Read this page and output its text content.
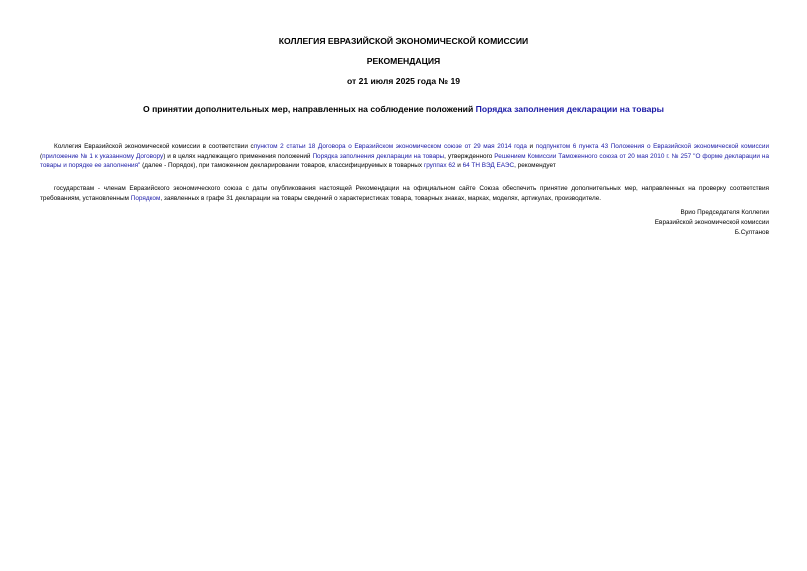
КОЛЛЕГИЯ ЕВРАЗИЙСКОЙ ЭКОНОМИЧЕСКОЙ КОМИССИИ
РЕКОМЕНДАЦИЯ
от 21 июля 2025 года № 19
О принятии дополнительных мер, направленных на соблюдение положений Порядка заполнения декларации на товары
Коллегия Евразийской экономической комиссии в соответствии спунктом 2 статьи 18 Договора о Евразийском экономическом союзе от 29 мая 2014 года и подпунктом 6 пункта 43 Положения о Евразийской экономической комиссии (приложение № 1 к указанному Договору) и в целях надлежащего применения положений Порядка заполнения декларации на товары, утвержденного Решением Комиссии Таможенного союза от 20 мая 2010 г. № 257 "О форме декларации на товары и порядке ее заполнения" (далее - Порядок), при таможенном декларировании товаров, классифицируемых в товарных группах 62 и 64 ТН ВЭД ЕАЭС, рекомендует
государствам - членам Евразийского экономического союза с даты опубликования настоящей Рекомендации на официальном сайте Союза обеспечить принятие дополнительных мер, направленных на проверку соответствия требованиям, установленным Порядком, заявленных в графе 31 декларации на товары сведений о характеристиках товара, товарных знаках, марках, моделях, артикулах, производителе.
Врио Председателя Коллегии
Евразийской экономической комиссии
Б.Султанов
